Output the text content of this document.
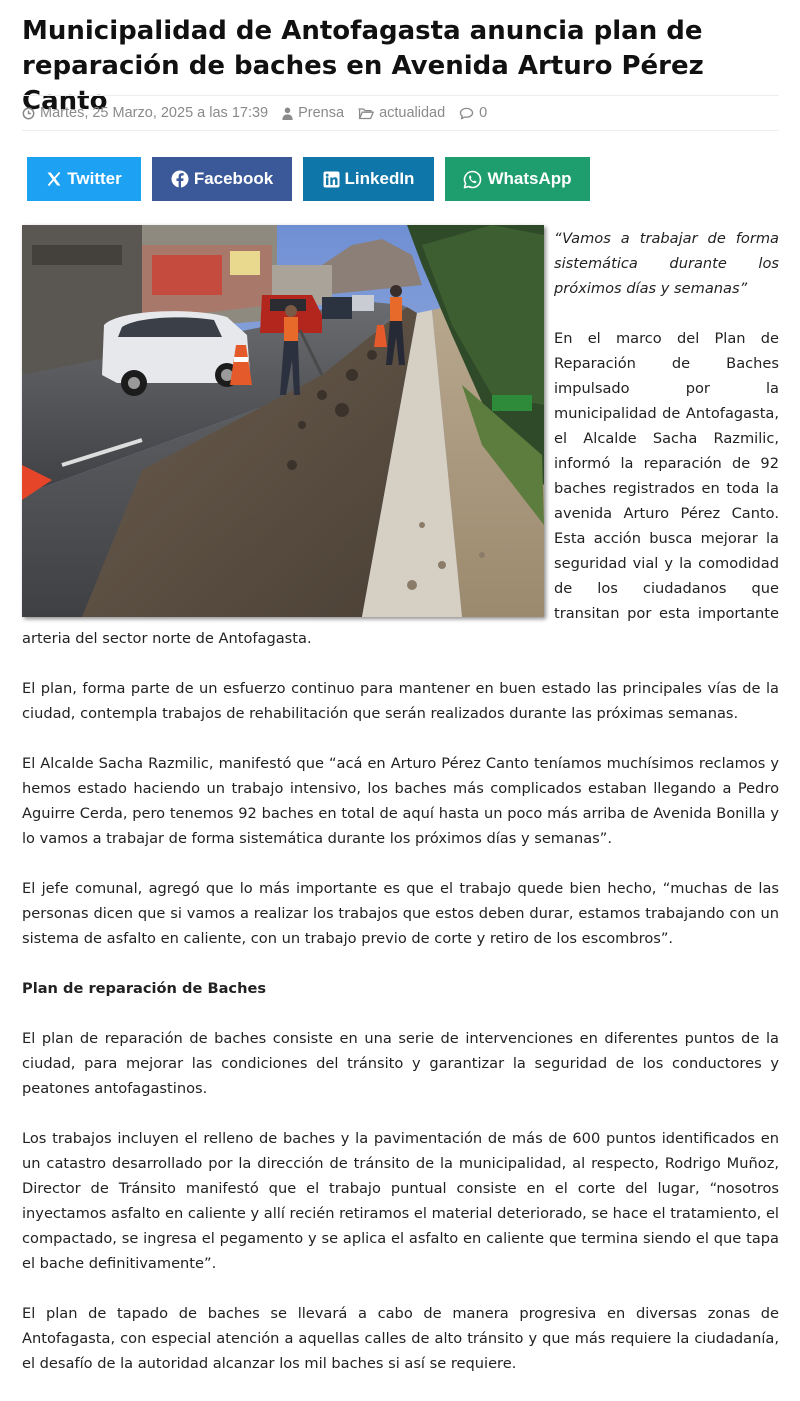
Municipalidad de Antofagasta anuncia plan de reparación de baches en Avenida Arturo Pérez Canto
Martes, 25 Marzo, 2025 a las 17:39 Prensa actualidad 0
Twitter	Facebook	LinkedIn	WhatsApp

“Vamos a trabajar de forma sistemática durante los próximos días y semanas”

En el marco del Plan de Reparación de Baches impulsado por la municipalidad de Antofagasta, el Alcalde Sacha Razmilic, informó la reparación de 92 baches registrados en toda la avenida Arturo Pérez Canto. Esta acción busca mejorar la seguridad vial y la comodidad de los ciudadanos que transitan por esta importante arteria del sector norte de Antofagasta.

El plan, forma parte de un esfuerzo continuo para mantener en buen estado las principales vías de la ciudad, contempla trabajos de rehabilitación que serán realizados durante las próximas semanas.

El Alcalde Sacha Razmilic, manifestó que “acá en Arturo Pérez Canto teníamos muchísimos reclamos y hemos estado haciendo un trabajo intensivo, los baches más complicados estaban llegando a Pedro Aguirre Cerda, pero tenemos 92 baches en total de aquí hasta un poco más arriba de Avenida Bonilla y lo vamos a trabajar de forma sistemática durante los próximos días y semanas”.

El jefe comunal, agregó que lo más importante es que el trabajo quede bien hecho, “muchas de las personas dicen que si vamos a realizar los trabajos que estos deben durar, estamos trabajando con un sistema de asfalto en caliente, con un trabajo previo de corte y retiro de los escombros”.

Plan de reparación de Baches

El plan de reparación de baches consiste en una serie de intervenciones en diferentes puntos de la ciudad, para mejorar las condiciones del tránsito y garantizar la seguridad de los conductores y peatones antofagastinos.

Los trabajos incluyen el relleno de baches y la pavimentación de más de 600 puntos identificados en un catastro desarrollado por la dirección de tránsito de la municipalidad, al respecto, Rodrigo Muñoz, Director de Tránsito manifestó que el trabajo puntual consiste en el corte del lugar, “nosotros inyectamos asfalto en caliente y allí recién retiramos el material deteriorado, se hace el tratamiento, el compactado, se ingresa el pegamento y se aplica el asfalto en caliente que termina siendo el que tapa el bache definitivamente”.

El plan de tapado de baches se llevará a cabo de manera progresiva en diversas zonas de Antofagasta, con especial atención a aquellas calles de alto tránsito y que más requiere la ciudadanía, el desafío de la autoridad alcanzar los mil baches si así se requiere.
